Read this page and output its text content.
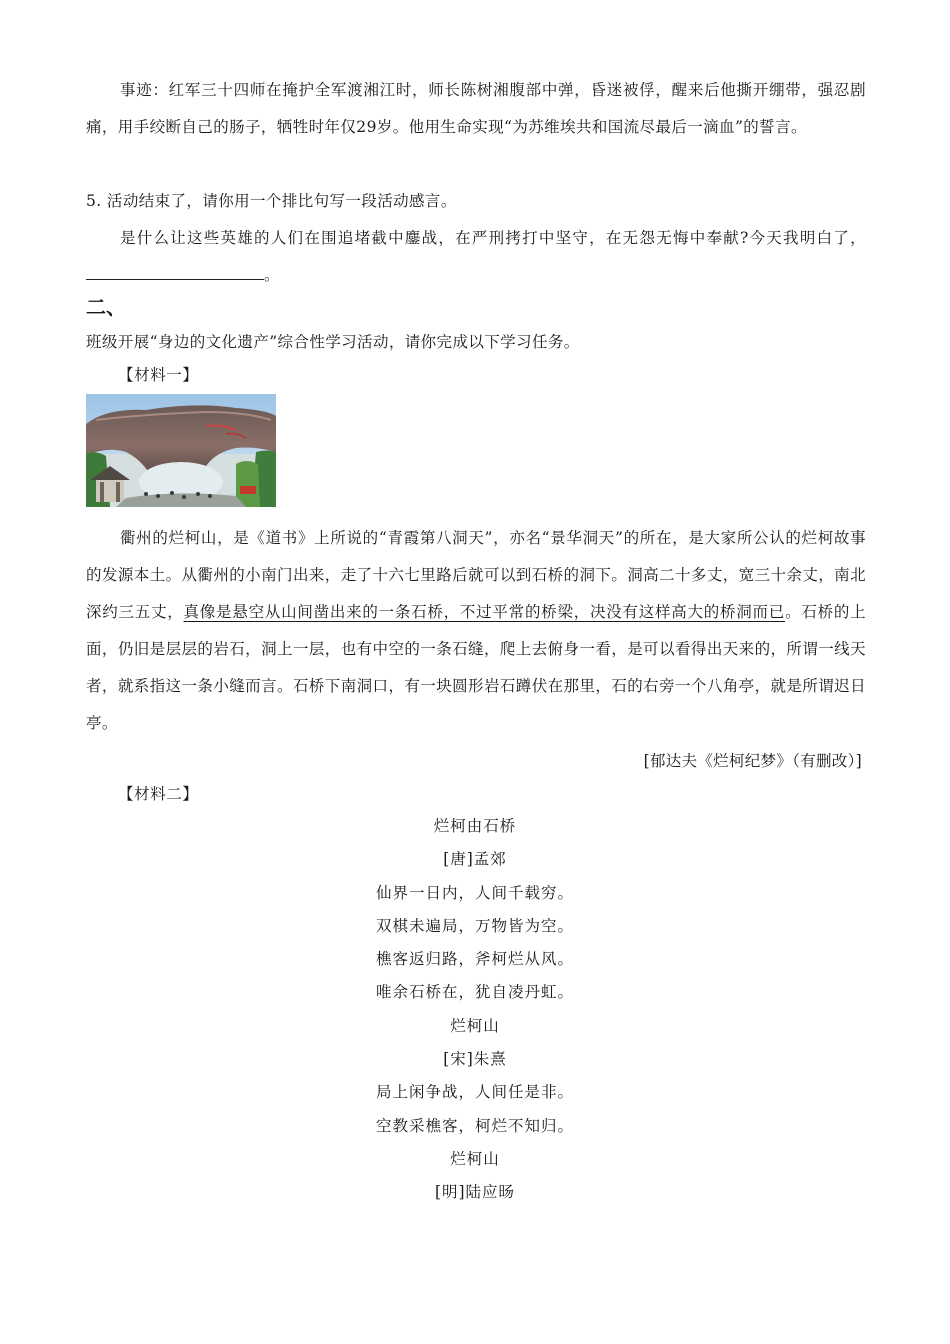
事迹：红军三十四师在掩护全军渡湘江时，师长陈树湘腹部中弹，昏迷被俘，醒来后他撕开绷带，强忍剧痛，用手绞断自己的肠子，牺牲时年仅29岁。他用生命实现“为苏维埃共和国流尽最后一滴血”的誓言。

5. 活动结束了，请你用一个排比句写一段活动感言。

是什么让这些英雄的人们在围追堵截中鏖战，在严刑拷打中坚守，在无怨无悔中奉献?今天我明白了，。

二、

班级开展“身边的文化遗产”综合性学习活动，请你完成以下学习任务。

【材料一】

衢州的烂柯山，是《道书》上所说的“青霞第八洞天”，亦名“景华洞天”的所在，是大家所公认的烂柯故事的发源本土。从衢州的小南门出来，走了十六七里路后就可以到石桥的洞下。洞高二十多丈，宽三十余丈，南北深约三五丈，真像是悬空从山间凿出来的一条石桥，不过平常的桥梁，决没有这样高大的桥洞而已。石桥的上面，仍旧是层层的岩石，洞上一层，也有中空的一条石缝，爬上去俯身一看，是可以看得出天来的，所谓一线天者，就系指这一条小缝而言。石桥下南洞口，有一块圆形岩石蹲伏在那里，石的右旁一个八角亭，就是所谓迟日亭。

[郁达夫《烂柯纪梦》（有删改）]

【材料二】

烂柯由石桥

[唐]孟郊

仙界一日内，人间千载穷。

双棋未遍局，万物皆为空。

樵客返归路，斧柯烂从风。

唯余石桥在，犹自凌丹虹。

烂柯山

[宋]朱熹

局上闲争战，人间任是非。

空教采樵客，柯烂不知归。

烂柯山

[明]陆应旸
